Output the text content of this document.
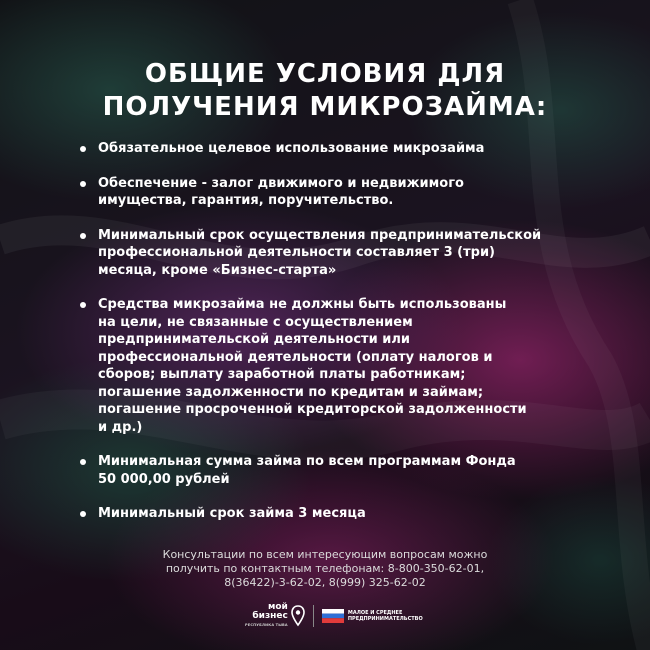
ОБЩИЕ УСЛОВИЯ ДЛЯ
ПОЛУЧЕНИЯ МИКРОЗАЙМА:
Обязательное целевое использование микрозайма
Обеспечение - залог движимого и недвижимого
имущества, гарантия, поручительство.
Минимальный срок осуществления предпринимательской
профессиональной деятельности составляет 3 (три)
месяца, кроме «Бизнес-старта»
Средства микрозайма не должны быть использованы
на цели, не связанные с осуществлением
предпринимательской деятельности или
профессиональной деятельности (оплату налогов и
сборов; выплату заработной платы работникам;
погашение задолженности по кредитам и займам;
погашение просроченной кредиторской задолженности
и др.)
Минимальная сумма займа по всем программам Фонда
50 000,00 рублей
Минимальный срок займа 3 месяца
Консультации по всем интересующим вопросам можно
получить по контактным телефонам: 8-800-350-62-01,
8(36422)-3-62-02, 8(999) 325-62-02
мой
бизнес
РЕСПУБЛИКА ТЫВА
МАЛОЕ И СРЕДНЕЕ
ПРЕДПРИНИМАТЕЛЬСТВО
